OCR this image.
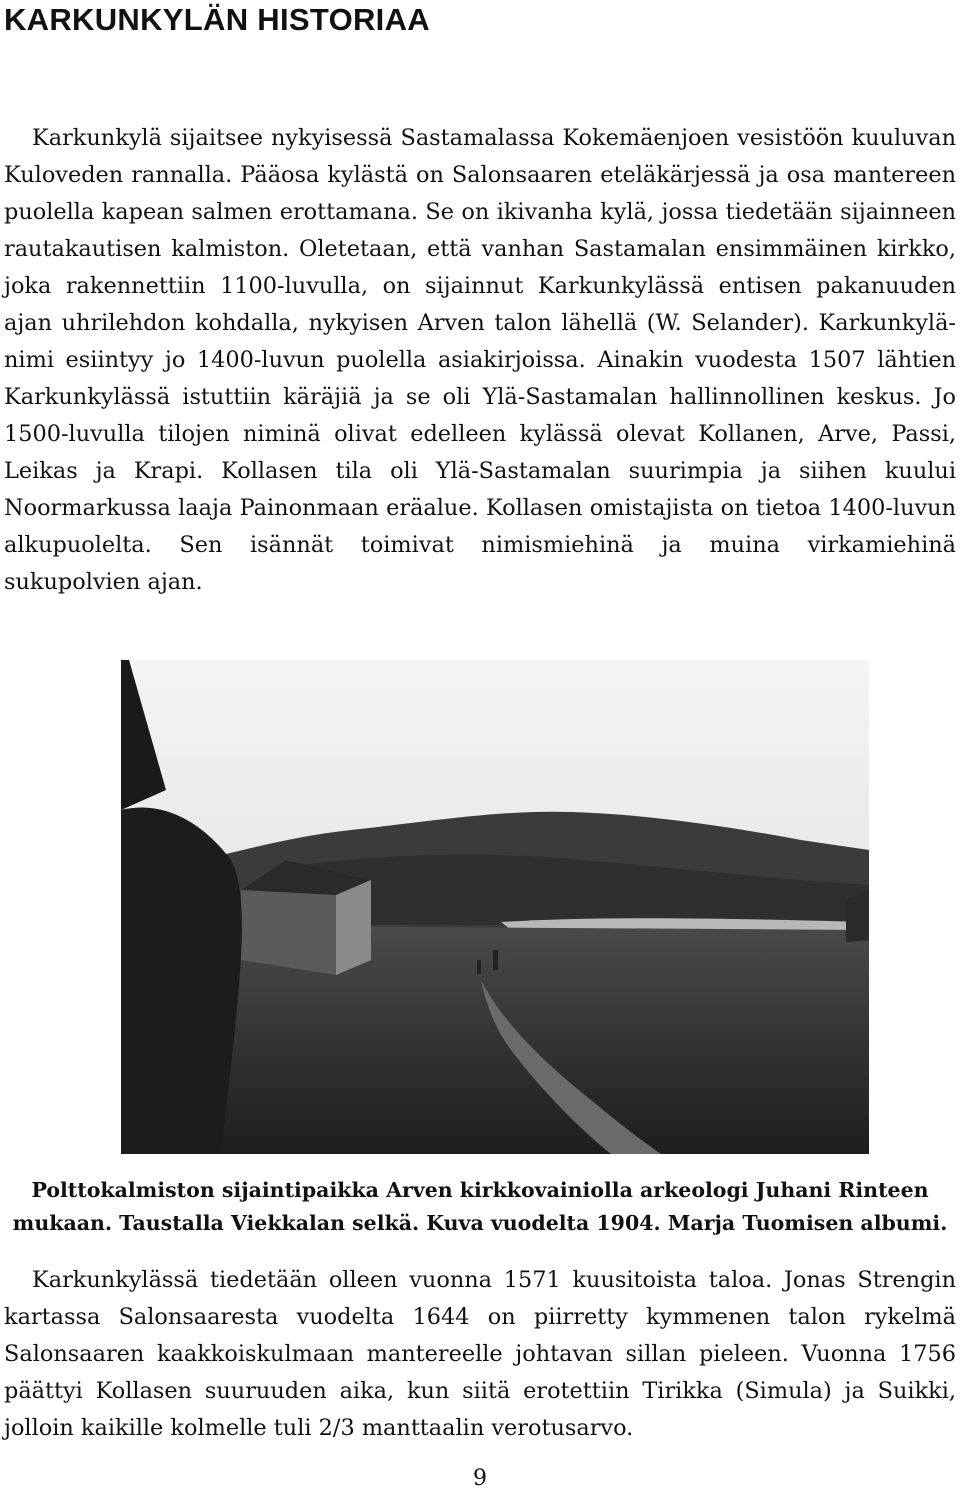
KARKUNKYLÄN HISTORIAA

Karkunkylä sijaitsee nykyisessä Sastamalassa Kokemäenjoen vesistöön kuuluvan Kuloveden rannalla. Pääosa kylästä on Salonsaaren eteläkärjessä ja osa mantereen puolella kapean salmen erottamana. Se on ikivanha kylä, jossa tiedetään sijainneen rautakautisen kalmiston. Oletetaan, että vanhan Sastamalan ensimmäinen kirkko, joka rakennettiin 1100-luvulla, on sijainnut Karkunkylässä entisen pakanuuden ajan uhrilehdon kohdalla, nykyisen Arven talon lähellä (W. Selander). Karkunkylä-nimi esiintyy jo 1400-luvun puolella asiakirjoissa. Ainakin vuodesta 1507 lähtien Karkunkylässä istuttiin käräjiä ja se oli Ylä-Sastamalan hallinnollinen keskus. Jo 1500-luvulla tilojen niminä olivat edelleen kylässä olevat Kollanen, Arve, Passi, Leikas ja Krapi. Kollasen tila oli Ylä-Sastamalan suurimpia ja siihen kuului Noormarkussa laaja Painonmaan eräalue. Kollasen omistajista on tietoa 1400-luvun alkupuolelta. Sen isännät toimivat nimismiehinä ja muina virkamiehinä sukupolvien ajan.

Polttokalmiston sijaintipaikka Arven kirkkovainiolla arkeologi Juhani Rinteen mukaan. Taustalla Viekkalan selkä. Kuva vuodelta 1904. Marja Tuomisen albumi.

Karkunkylässä tiedetään olleen vuonna 1571 kuusitoista taloa. Jonas Strengin kartassa Salonsaaresta vuodelta 1644 on piirretty kymmenen talon rykelmä Salonsaaren kaakkoiskulmaan mantereelle johtavan sillan pieleen. Vuonna 1756 päättyi Kollasen suuruuden aika, kun siitä erotettiin Tirikka (Simula) ja Suikki, jolloin kaikille kolmelle tuli 2/3 manttaalin verotusarvo.

9
